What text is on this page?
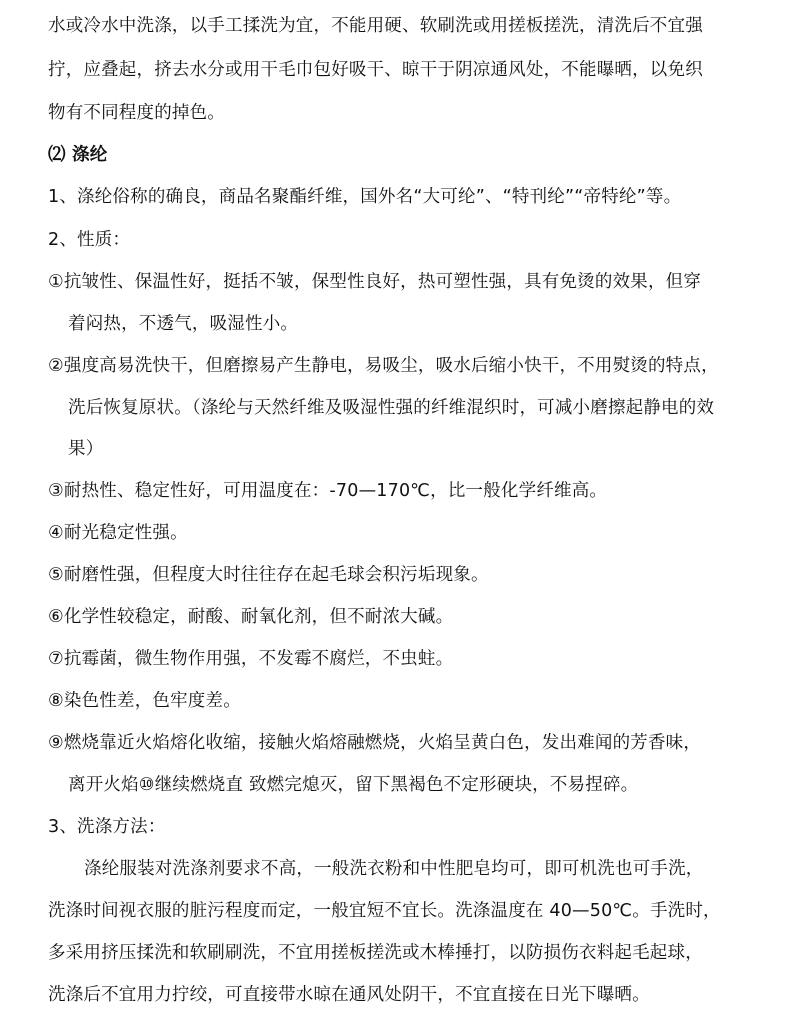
水或冷水中洗涤，以手工揉洗为宜，不能用硬、软刷洗或用搓板搓洗，清洗后不宜强
拧，应叠起，挤去水分或用干毛巾包好吸干、晾干于阴凉通风处，不能曝晒，以免织
物有不同程度的掉色。
⑵ 涤纶
1、涤纶俗称的确良，商品名聚酯纤维，国外名“大可纶”、“特刊纶”“帝特纶”等。
2、性质：
①抗皱性、保温性好，挺括不皱，保型性良好，热可塑性强，具有免烫的效果，但穿
着闷热，不透气，吸湿性小。
②强度高易洗快干，但磨擦易产生静电，易吸尘，吸水后缩小快干，不用熨烫的特点，
洗后恢复原状。（涤纶与天然纤维及吸湿性强的纤维混织时，可减小磨擦起静电的效
果）
③耐热性、稳定性好，可用温度在：-70—170℃，比一般化学纤维高。
④耐光稳定性强。
⑤耐磨性强，但程度大时往往存在起毛球会积污垢现象。
⑥化学性较稳定，耐酸、耐氧化剂，但不耐浓大碱。
⑦抗霉菌，微生物作用强，不发霉不腐烂，不虫蛀。
⑧染色性差，色牢度差。
⑨燃烧靠近火焰熔化收缩，接触火焰熔融燃烧，火焰呈黄白色，发出难闻的芳香味，
离开火焰⑩继续燃烧直 致燃完熄灭，留下黑褐色不定形硬块，不易捏碎。
3、洗涤方法：
涤纶服装对洗涤剂要求不高，一般洗衣粉和中性肥皂均可，即可机洗也可手洗，
洗涤时间视衣服的脏污程度而定，一般宜短不宜长。洗涤温度在 40—50℃。手洗时，
多采用挤压揉洗和软刷刷洗，不宜用搓板搓洗或木棒捶打，以防损伤衣料起毛起球，
洗涤后不宜用力拧绞，可直接带水晾在通风处阴干，不宜直接在日光下曝晒。
